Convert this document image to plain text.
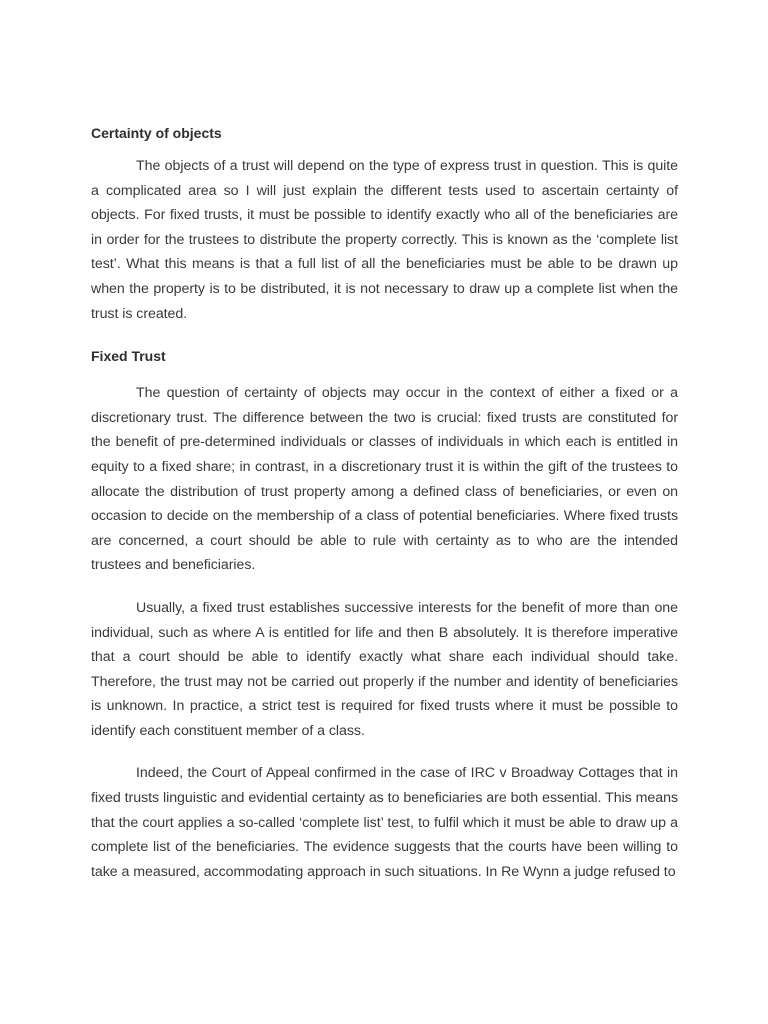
Certainty of objects

The objects of a trust will depend on the type of express trust in question. This is quite a complicated area so I will just explain the different tests used to ascertain certainty of objects. For fixed trusts, it must be possible to identify exactly who all of the beneficiaries are in order for the trustees to distribute the property correctly. This is known as the ‘complete list test’. What this means is that a full list of all the beneficiaries must be able to be drawn up when the property is to be distributed, it is not necessary to draw up a complete list when the trust is created.

Fixed Trust

The question of certainty of objects may occur in the context of either a fixed or a discretionary trust. The difference between the two is crucial: fixed trusts are constituted for the benefit of pre-determined individuals or classes of individuals in which each is entitled in equity to a fixed share; in contrast, in a discretionary trust it is within the gift of the trustees to allocate the distribution of trust property among a defined class of beneficiaries, or even on occasion to decide on the membership of a class of potential beneficiaries. Where fixed trusts are concerned, a court should be able to rule with certainty as to who are the intended trustees and beneficiaries.

Usually, a fixed trust establishes successive interests for the benefit of more than one individual, such as where A is entitled for life and then B absolutely. It is therefore imperative that a court should be able to identify exactly what share each individual should take. Therefore, the trust may not be carried out properly if the number and identity of beneficiaries is unknown. In practice, a strict test is required for fixed trusts where it must be possible to identify each constituent member of a class.

Indeed, the Court of Appeal confirmed in the case of IRC v Broadway Cottages that in fixed trusts linguistic and evidential certainty as to beneficiaries are both essential. This means that the court applies a so-called ‘complete list’ test, to fulfil which it must be able to draw up a complete list of the beneficiaries. The evidence suggests that the courts have been willing to take a measured, accommodating approach in such situations. In Re Wynn a judge refused to
